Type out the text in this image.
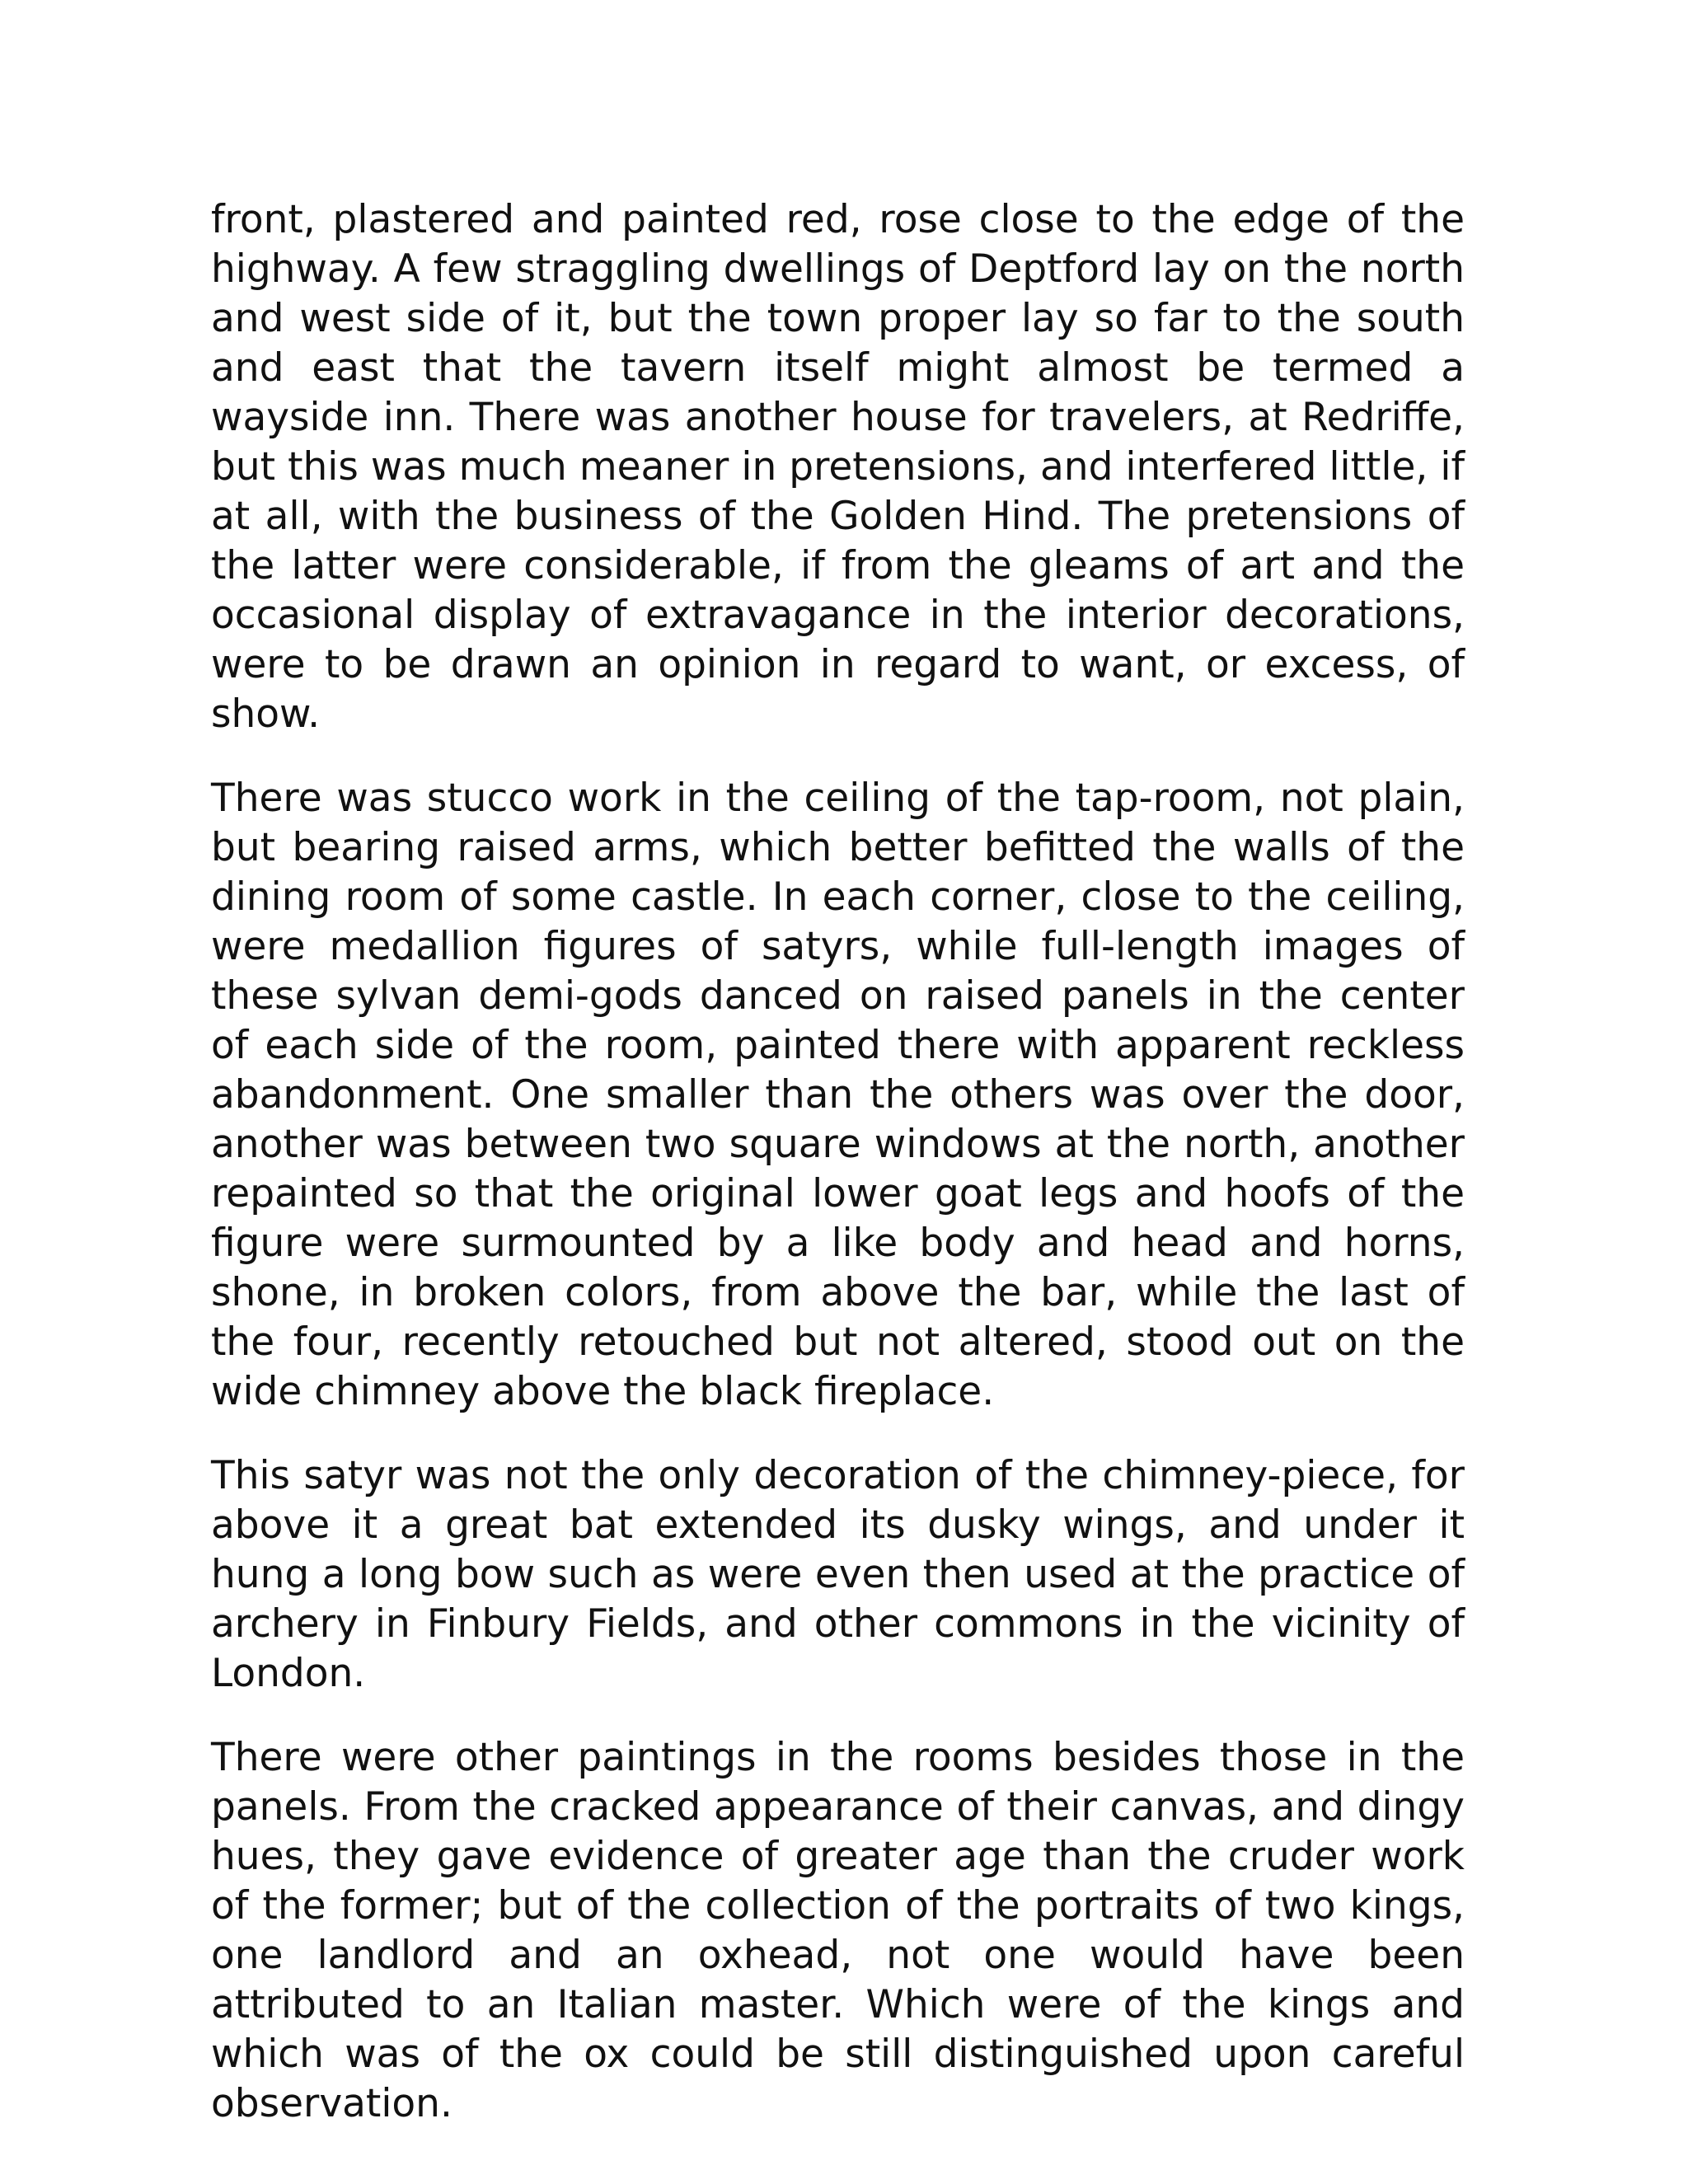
front, plastered and painted red, rose close to the edge of the highway. A few straggling dwellings of Deptford lay on the north and west side of it, but the town proper lay so far to the south and east that the tavern itself might almost be termed a wayside inn. There was another house for travelers, at Redriffe, but this was much meaner in pretensions, and interfered little, if at all, with the business of the Golden Hind. The pretensions of the latter were considerable, if from the gleams of art and the occasional display of extravagance in the interior decorations, were to be drawn an opinion in regard to want, or excess, of show.

There was stucco work in the ceiling of the tap-room, not plain, but bearing raised arms, which better befitted the walls of the dining room of some castle. In each corner, close to the ceiling, were medallion figures of satyrs, while full-length images of these sylvan demi-gods danced on raised panels in the center of each side of the room, painted there with apparent reckless abandonment. One smaller than the others was over the door, another was between two square windows at the north, another repainted so that the original lower goat legs and hoofs of the figure were surmounted by a like body and head and horns, shone, in broken colors, from above the bar, while the last of the four, recently retouched but not altered, stood out on the wide chimney above the black fireplace.

This satyr was not the only decoration of the chimney-piece, for above it a great bat extended its dusky wings, and under it hung a long bow such as were even then used at the practice of archery in Finbury Fields, and other commons in the vicinity of London.

There were other paintings in the rooms besides those in the panels. From the cracked appearance of their canvas, and dingy hues, they gave evidence of greater age than the cruder work of the former; but of the collection of the portraits of two kings, one landlord and an oxhead, not one would have been attributed to an Italian master. Which were of the kings and which was of the ox could be still distinguished upon careful observation.
